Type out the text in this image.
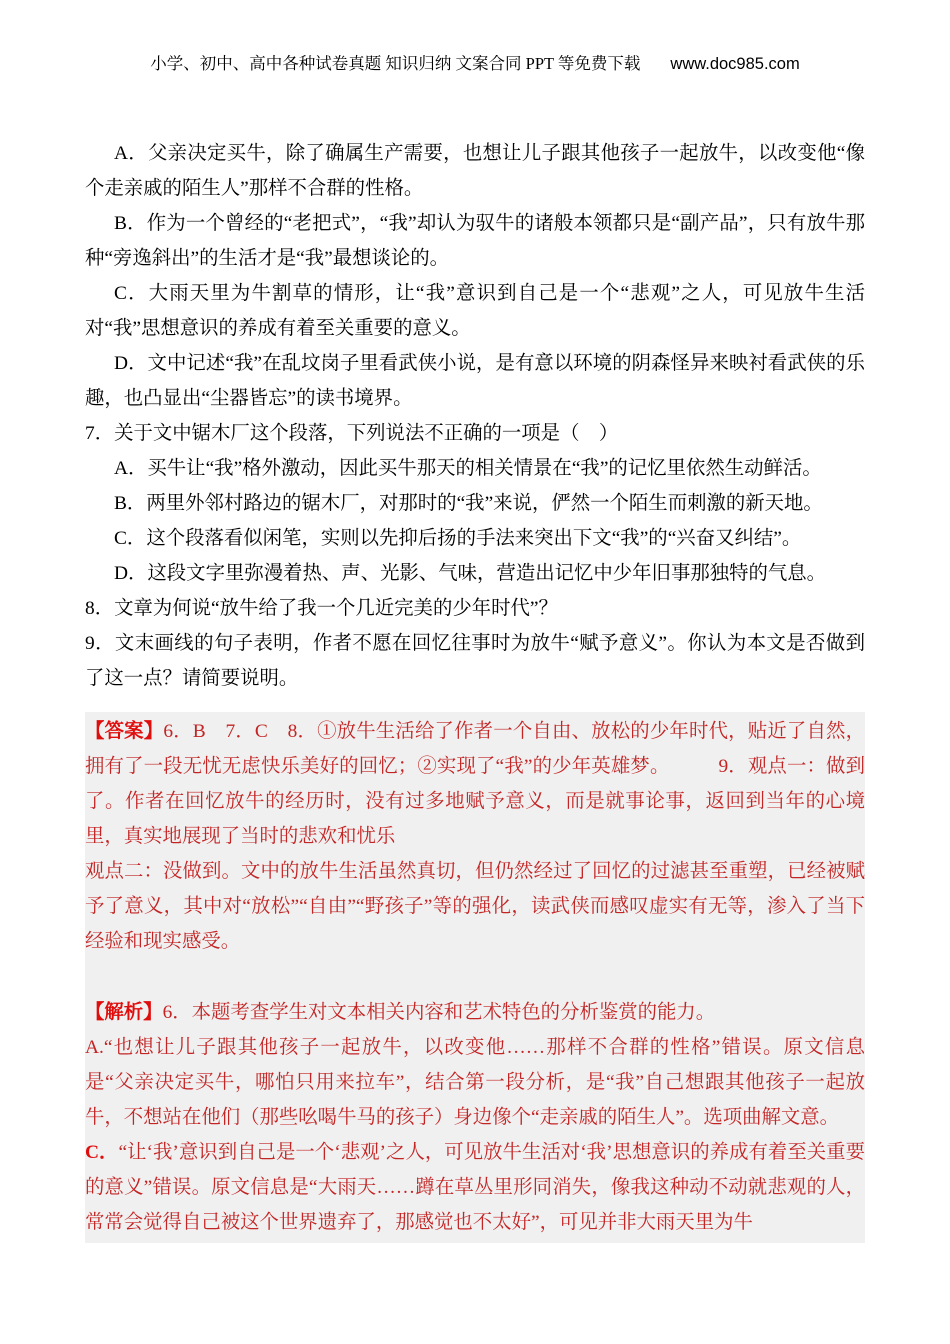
小学、初中、高中各种试卷真题 知识归纳 文案合同 PPT 等免费下载 www.doc985.com

A．父亲决定买牛，除了确属生产需要，也想让儿子跟其他孩子一起放牛，以改变他“像个走亲戚的陌生人”那样不合群的性格。

B．作为一个曾经的“老把式”，“我”却认为驭牛的诸般本领都只是“副产品”，只有放牛那种“旁逸斜出”的生活才是“我”最想谈论的。

C．大雨天里为牛割草的情形，让“我”意识到自己是一个“悲观”之人，可见放牛生活对“我”思想意识的养成有着至关重要的意义。

D．文中记述“我”在乱坟岗子里看武侠小说，是有意以环境的阴森怪异来映衬看武侠的乐趣，也凸显出“尘器皆忘”的读书境界。

7．关于文中锯木厂这个段落，下列说法不正确的一项是（　）

A．买牛让“我”格外激动，因此买牛那天的相关情景在“我”的记忆里依然生动鲜活。

B．两里外邻村路边的锯木厂，对那时的“我”来说，俨然一个陌生而刺激的新天地。

C．这个段落看似闲笔，实则以先抑后扬的手法来突出下文“我”的“兴奋又纠结”。

D．这段文字里弥漫着热、声、光影、气味，营造出记忆中少年旧事那独特的气息。

8．文章为何说“放牛给了我一个几近完美的少年时代”？

9．文末画线的句子表明，作者不愿在回忆往事时为放牛“赋予意义”。你认为本文是否做到了这一点？请简要说明。

【答案】6．B　7．C　8．①放牛生活给了作者一个自由、放松的少年时代，贴近了自然，拥有了一段无忧无虑快乐美好的回忆；②实现了“我”的少年英雄梦。　　　9．观点一：做到了。作者在回忆放牛的经历时，没有过多地赋予意义，而是就事论事，返回到当年的心境里，真实地展现了当时的悲欢和忧乐

观点二：没做到。文中的放牛生活虽然真切，但仍然经过了回忆的过滤甚至重塑，已经被赋予了意义，其中对“放松”“自由”“野孩子”等的强化，读武侠而感叹虚实有无等，渗入了当下经验和现实感受。

【解析】6．本题考查学生对文本相关内容和艺术特色的分析鉴赏的能力。

A.“也想让儿子跟其他孩子一起放牛，以改变他……那样不合群的性格”错误。原文信息是“父亲决定买牛，哪怕只用来拉车”，结合第一段分析，是“我”自己想跟其他孩子一起放牛，不想站在他们（那些吆喝牛马的孩子）身边像个“走亲戚的陌生人”。选项曲解文意。

C．“让‘我’意识到自己是一个‘悲观’之人，可见放牛生活对‘我’思想意识的养成有着至关重要的意义”错误。原文信息是“大雨天……蹲在草丛里形同消失，像我这种动不动就悲观的人，常常会觉得自己被这个世界遗弃了，那感觉也不太好”，可见并非大雨天里为牛
